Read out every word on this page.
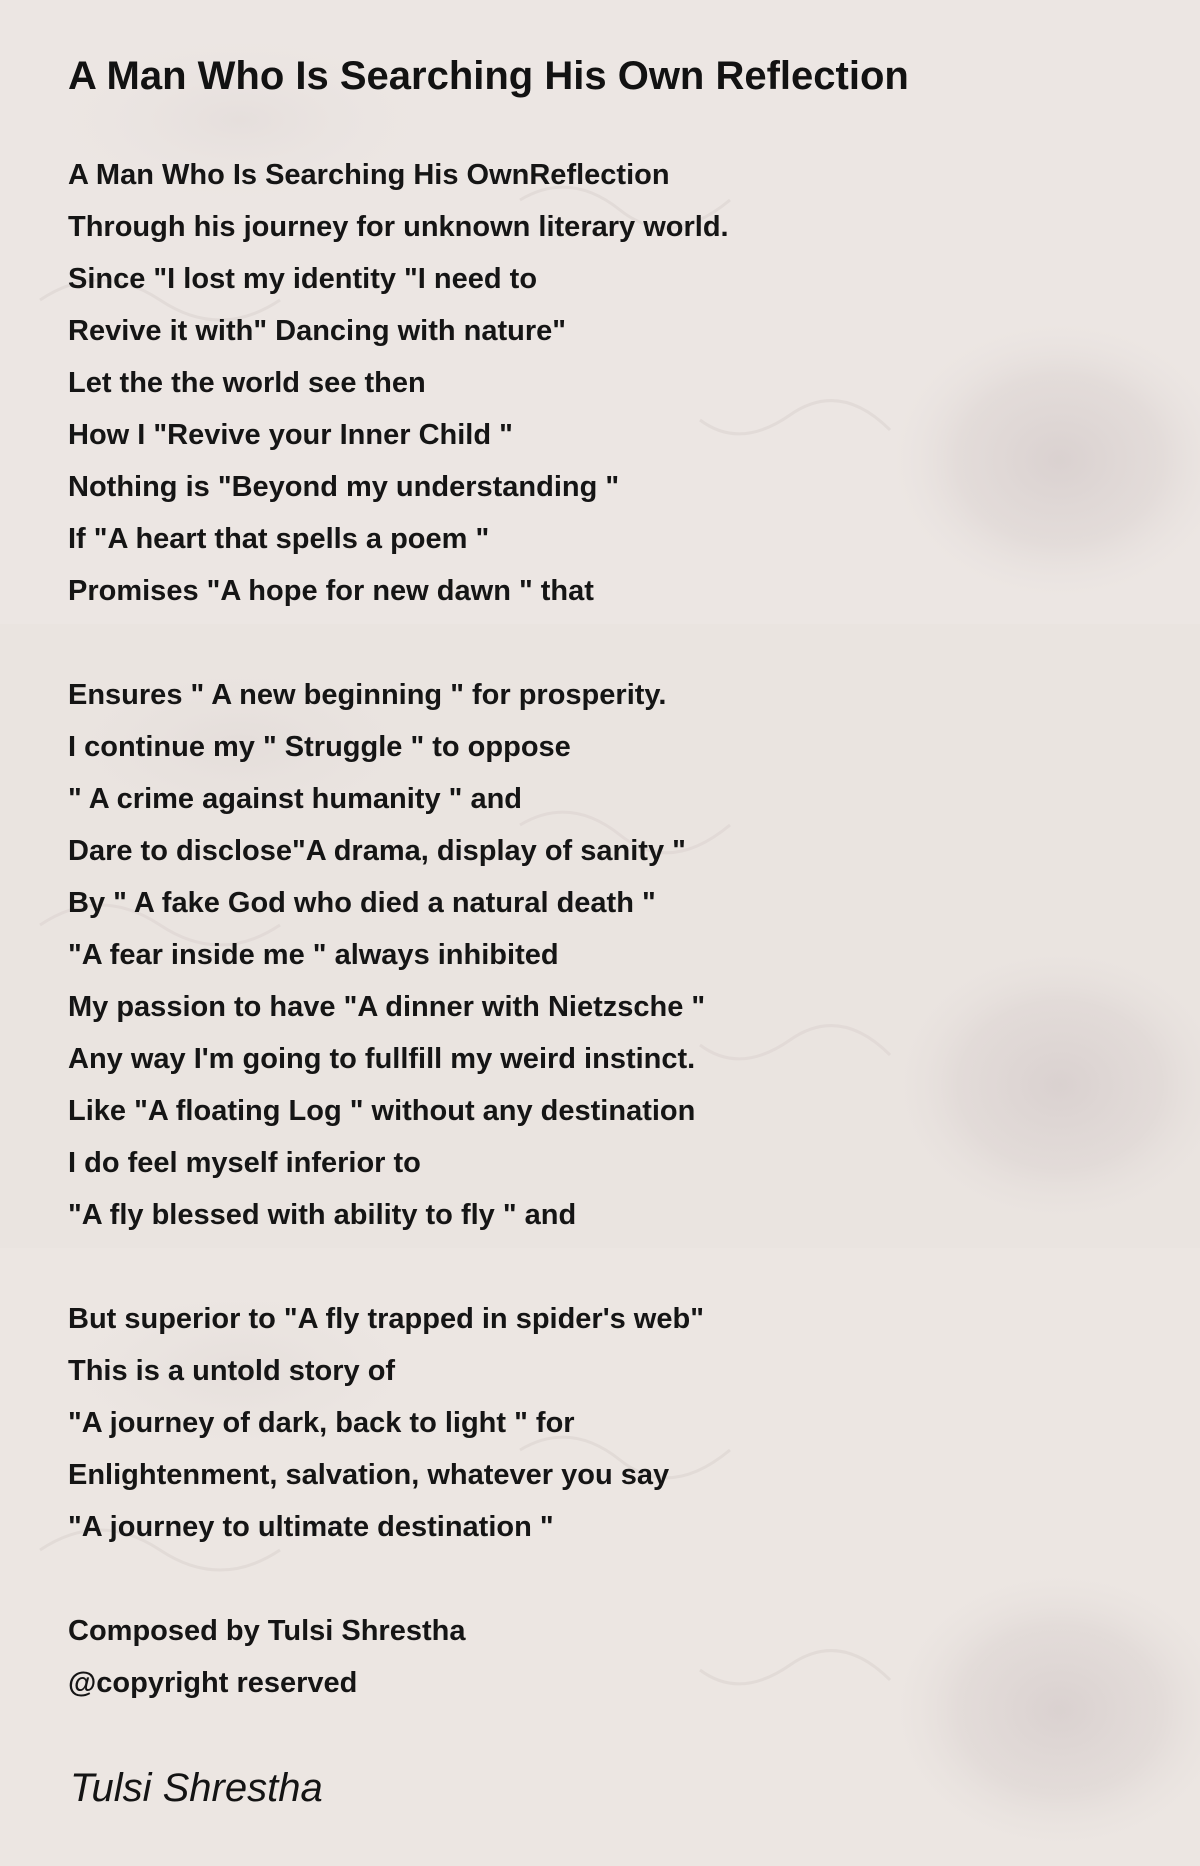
A Man Who Is Searching His Own Reflection
A Man Who Is Searching His OwnReflection
Through his journey for unknown literary world.
Since "I lost my identity "I need to
Revive it with" Dancing with nature"
Let the the world see then
How I "Revive your Inner Child "
Nothing is "Beyond my understanding "
If "A heart that spells a poem "
Promises "A hope for new dawn " that
Ensures " A new beginning " for prosperity.
I continue my " Struggle " to oppose
" A crime against humanity " and
Dare to disclose"A drama, display of sanity "
By " A fake God who died a natural death "
"A fear inside me " always inhibited
My passion to have "A dinner with Nietzsche "
Any way I'm going to fullfill my weird instinct.
Like "A floating Log " without any destination
I do feel myself inferior to
"A fly blessed with ability to fly " and
But superior to "A fly trapped in spider's web"
This is a untold story of
"A journey of dark, back to light " for
Enlightenment, salvation, whatever you say
"A journey to ultimate destination "
Composed by Tulsi Shrestha
@copyright reserved
Tulsi Shrestha
